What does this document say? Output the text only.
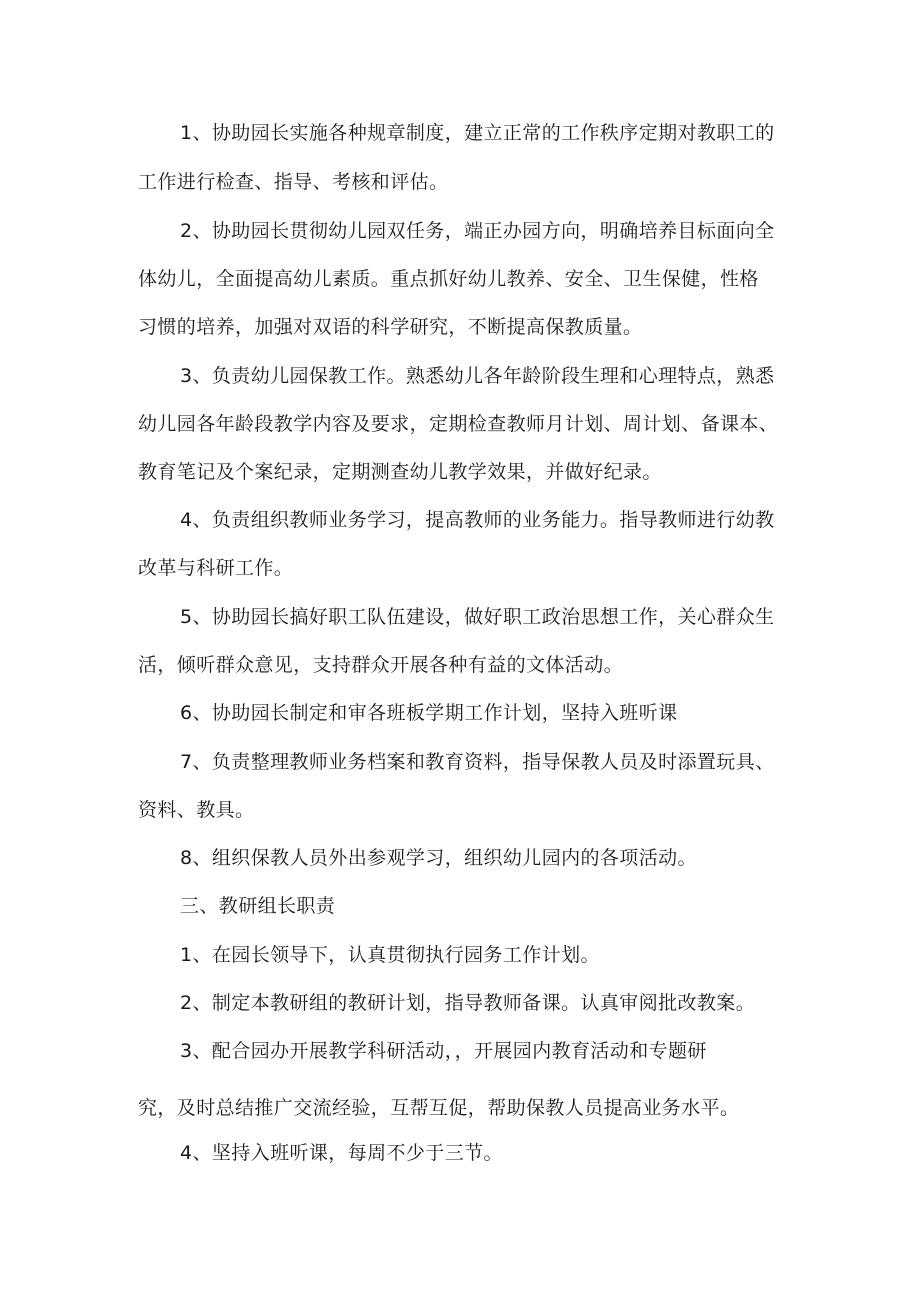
1、协助园长实施各种规章制度，建立正常的工作秩序定期对教职工的
工作进行检查、指导、考核和评估。
2、协助园长贯彻幼儿园双任务，端正办园方向，明确培养目标面向全
体幼儿，全面提高幼儿素质。重点抓好幼儿教养、安全、卫生保健，性格
习惯的培养，加强对双语的科学研究，不断提高保教质量。
3、负责幼儿园保教工作。熟悉幼儿各年龄阶段生理和心理特点，熟悉
幼儿园各年龄段教学内容及要求，定期检查教师月计划、周计划、备课本、
教育笔记及个案纪录，定期测查幼儿教学效果，并做好纪录。
4、负责组织教师业务学习，提高教师的业务能力。指导教师进行幼教
改革与科研工作。
5、协助园长搞好职工队伍建设，做好职工政治思想工作，关心群众生
活，倾听群众意见，支持群众开展各种有益的文体活动。
6、协助园长制定和审各班板学期工作计划，坚持入班听课
7、负责整理教师业务档案和教育资料，指导保教人员及时添置玩具、
资料、教具。
8、组织保教人员外出参观学习，组织幼儿园内的各项活动。
三、教研组长职责
1、在园长领导下，认真贯彻执行园务工作计划。
2、制定本教研组的教研计划，指导教师备课。认真审阅批改教案。
3、配合园办开展教学科研活动，，开展园内教育活动和专题研
究，及时总结推广交流经验，互帮互促，帮助保教人员提高业务水平。
4、坚持入班听课，每周不少于三节。
